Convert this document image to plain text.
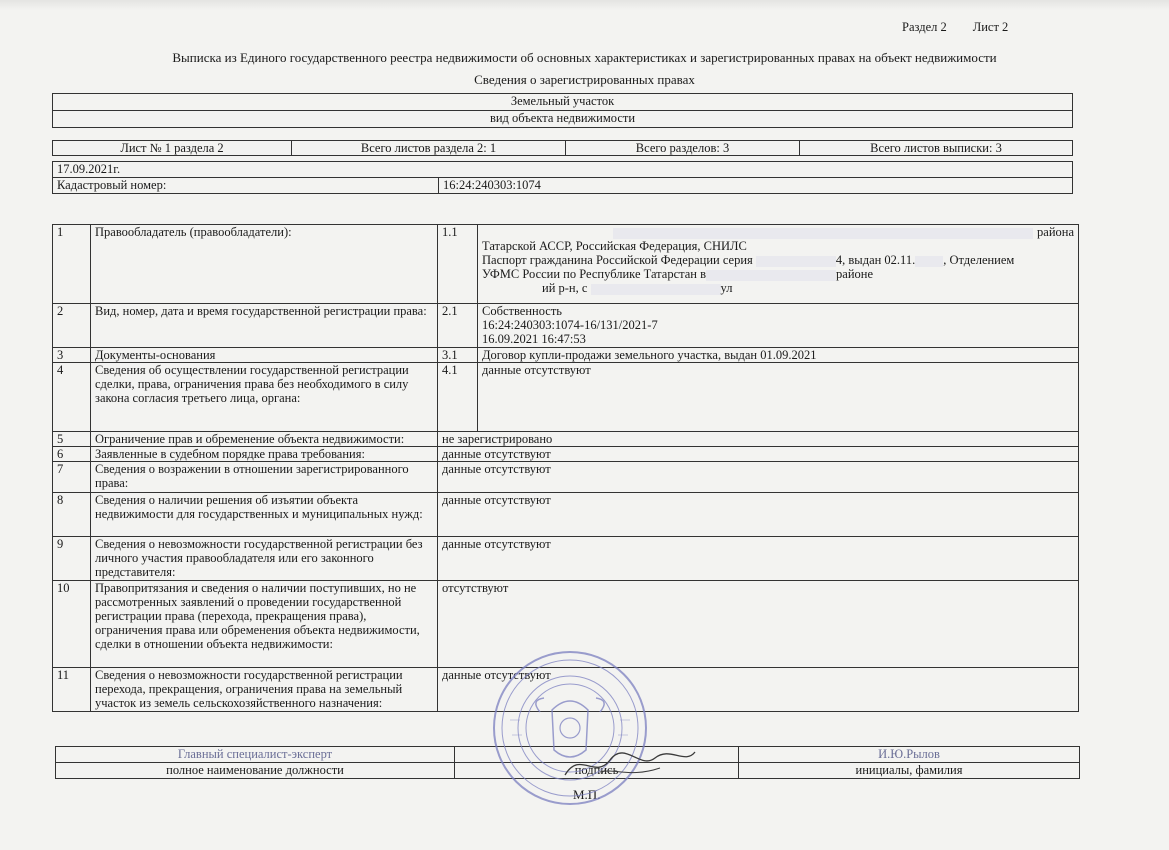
Раздел 2 Лист 2
Выписка из Единого государственного реестра недвижимости об основных характеристиках и зарегистрированных правах на объект недвижимости
Сведения о зарегистрированных правах
Земельный участок
вид объекта недвижимости
Лист № 1 раздела 2	Всего листов раздела 2: 1	Всего разделов: 3	Всего листов выписки: 3
17.09.2021г.
Кадастровый номер:	16:24:240303:1074
1	Правообладатель (правообладатели):	1.1	района
Татарской АССР, Российская Федерация, СНИЛС
Паспорт гражданина Российской Федерации серия 4, выдан 02.11. , Отделением
УФМС России по Республике Татарстан в районе
ий р-н, с ул

2	Вид, номер, дата и время государственной регистрации права:	2.1	Собственность
16:24:240303:1074-16/131/2021-7
16.09.2021 16:47:53

3	Документы-основания	3.1	Договор купли-продажи земельного участка, выдан 01.09.2021
4	Сведения об осуществлении государственной регистрации сделки, права, ограничения права без необходимого в силу закона согласия третьего лица, органа:	4.1	данные отсутствуют
5	Ограничение прав и обременение объекта недвижимости:	не зарегистрировано	
6	Заявленные в судебном порядке права требования:	данные отсутствуют	
7	Сведения о возражении в отношении зарегистрированного права:	данные отсутствуют	
8	Сведения о наличии решения об изъятии объекта недвижимости для государственных и муниципальных нужд:	данные отсутствуют	
9	Сведения о невозможности государственной регистрации без личного участия правообладателя или его законного представителя:	данные отсутствуют	
10	Правопритязания и сведения о наличии поступивших, но не рассмотренных заявлений о проведении государственной регистрации права (перехода, прекращения права), ограничения права или обременения объекта недвижимости, сделки в отношении объекта недвижимости:	отсутствуют	
11	Сведения о невозможности государственной регистрации перехода, прекращения, ограничения права на земельный участок из земель сельскохозяйственного назначения:	данные отсутствуют	
Главный специалист-эксперт		И.Ю.Рылов
полное наименование должности	подпись	инициалы, фамилия
М.П.
